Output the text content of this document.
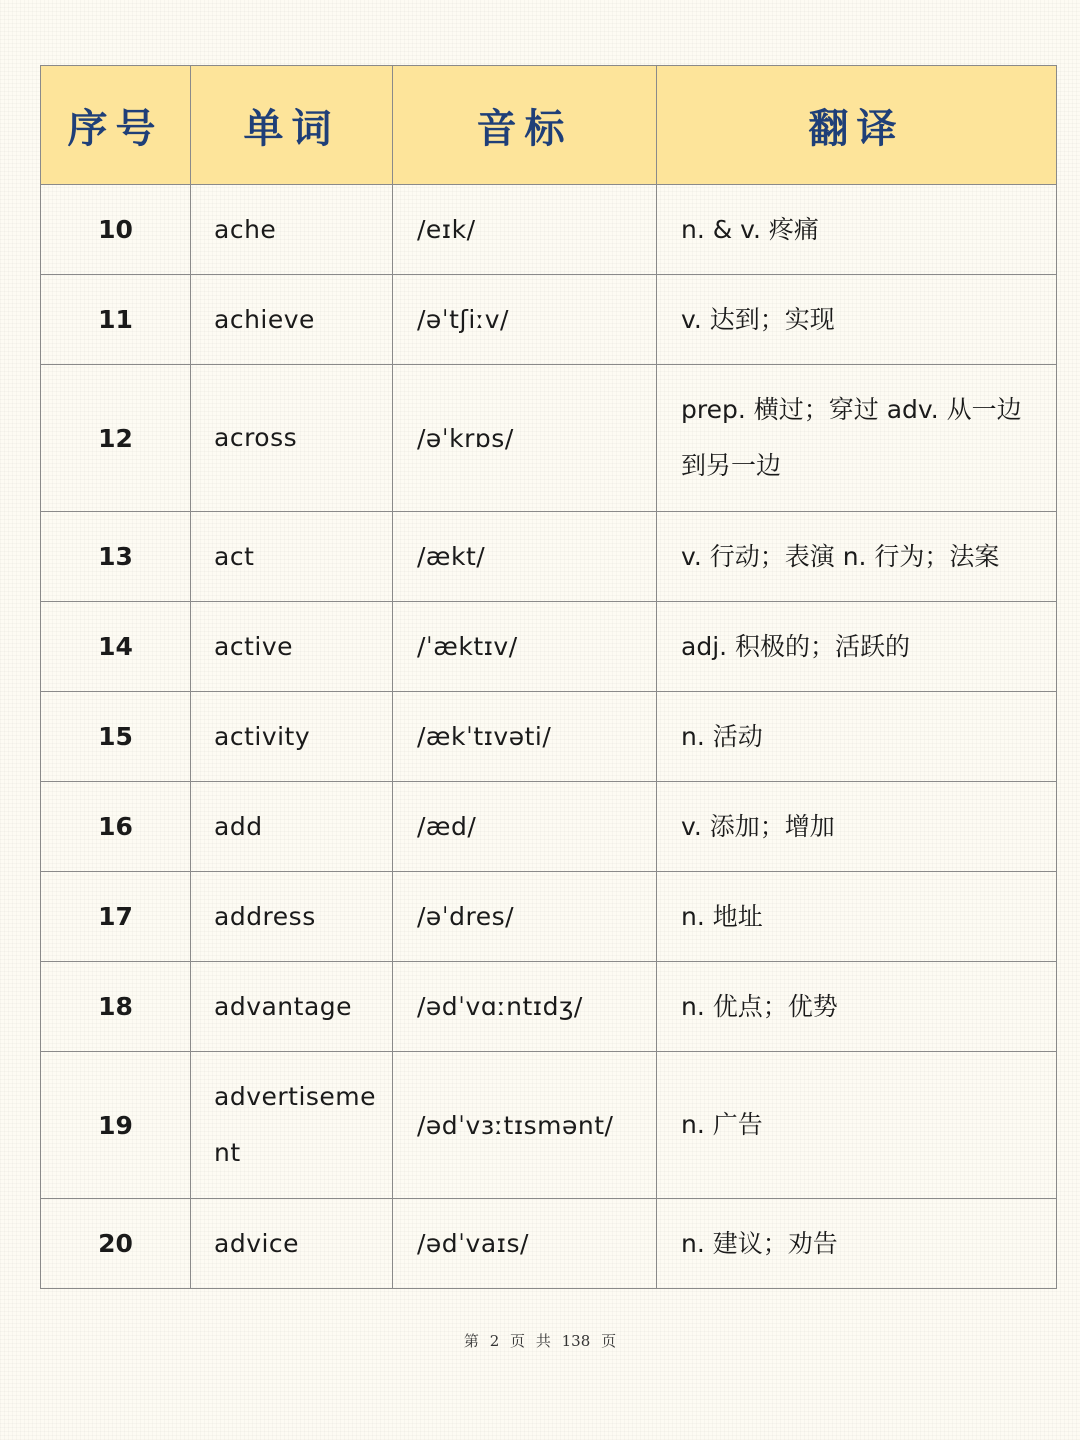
序号	单词	音标	翻译
10	ache	/eɪk/	n. & v. 疼痛
11	achieve	/əˈtʃiːv/	v. 达到；实现
12	across	/əˈkrɒs/	prep. 横过；穿过 adv. 从一边到另一边
13	act	/ækt/	v. 行动；表演 n. 行为；法案
14	active	/ˈæktɪv/	adj. 积极的；活跃的
15	activity	/ækˈtɪvəti/	n. 活动
16	add	/æd/	v. 添加；增加
17	address	/əˈdres/	n. 地址
18	advantage	/ədˈvɑːntɪdʒ/	n. 优点；优势
19	advertisement	/ədˈvɜːtɪsmənt/	n. 广告
20	advice	/ədˈvaɪs/	n. 建议；劝告
第 2 页 共 138 页
